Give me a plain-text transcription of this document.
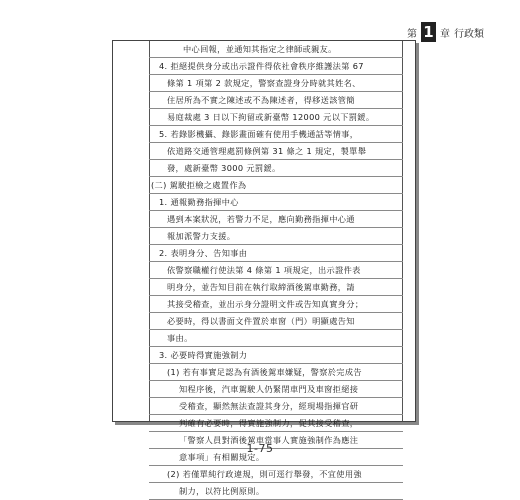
第 1 章 行政類
中心回報，並通知其指定之律師或親友。
4. 拒絕提供身分或出示證件得依社會秩序維護法第 67
條第 1 項第 2 款規定，警察查證身分時就其姓名、
住居所為不實之陳述或不為陳述者，得移送該管簡
易庭裁處 3 日以下拘留或新臺幣 12000 元以下罰鍰。
5. 若錄影機攝、錄影畫面確有使用手機通話等情事，
依道路交通管理處罰條例第 31 條之 1 規定，製單舉
發，處新臺幣 3000 元罰鍰。
(二) 駕駛拒檢之處置作為
1. 通報勤務指揮中心
遇到本案狀況，若警力不足，應向勤務指揮中心通
報加派警力支援。
2. 表明身分、告知事由
依警察職權行使法第 4 條第 1 項規定，出示證件表
明身分，並告知目前在執行取締酒後駕車勤務，請
其接受稽查，並出示身分證明文件或告知真實身分；
必要時，得以書面文件置於車窗（門）明顯處告知
事由。
3. 必要時得實施強制力
(1) 若有事實足認為有酒後駕車嫌疑，警察於完成告
知程序後，汽車駕駛人仍緊閉車門及車窗拒絕接
受稽查，顯然無法查證其身分，經現場指揮官研
判確有必要時，得實施強制力，促其接受稽查，
「警察人員對酒後駕車當事人實施強制作為應注
意事項」有相關規定。
(2) 若僅單純行政違規，則可逕行舉發，不宜使用強
制力，以符比例原則。
1-75
